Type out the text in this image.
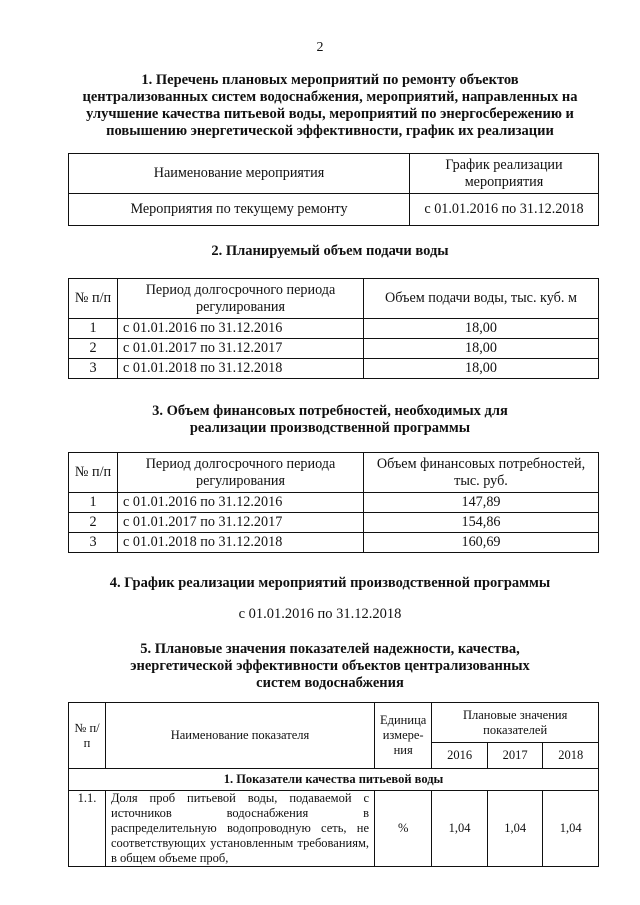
2
1. Перечень плановых мероприятий по ремонту объектов
централизованных систем водоснабжения, мероприятий, направленных на
улучшение качества питьевой воды, мероприятий по энергосбережению и
повышению энергетической эффективности, график их реализации
Наименование мероприятия	График реализации мероприятия
Мероприятия по текущему ремонту	с 01.01.2016 по 31.12.2018
2. Планируемый объем подачи воды
№ п/п	Период долгосрочного периода регулирования	Объем подачи воды, тыс. куб. м
1	с 01.01.2016 по 31.12.2016	18,00
2	с 01.01.2017 по 31.12.2017	18,00
3	с 01.01.2018 по 31.12.2018	18,00
3. Объем финансовых потребностей, необходимых для
реализации производственной программы
№ п/п	Период долгосрочного периода регулирования	Объем финансовых потребностей, тыс. руб.
1	с 01.01.2016 по 31.12.2016	147,89
2	с 01.01.2017 по 31.12.2017	154,86
3	с 01.01.2018 по 31.12.2018	160,69
4. График реализации мероприятий производственной программы
с 01.01.2016 по 31.12.2018
5. Плановые значения показателей надежности, качества,
энергетической эффективности объектов централизованных
систем водоснабжения
№ п/п	Наименование показателя	Единица измере-ния	Плановые значения показателей		
			2016	2017	2018
1. Показатели качества питьевой воды					
1.1.	Доля проб питьевой воды, подаваемой с источников водоснабжения в распределительную водопроводную сеть, не соответствующих установленным требованиям, в общем объеме проб,	%	1,04	1,04	1,04
